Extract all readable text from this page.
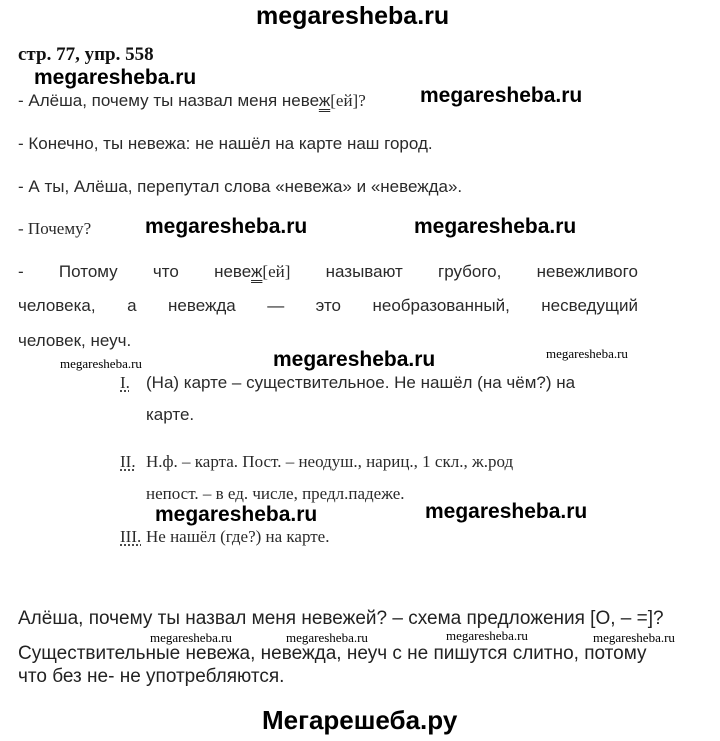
megaresheba.ru
стр. 77, упр. 558
megaresheba.ru
megaresheba.ru
- Алёша, почему ты назвал меня невеж[ей]?
- Конечно, ты невежа: не нашёл на карте наш город.
- А ты, Алёша, перепутал слова «невежа» и «невежда».
- Почему?	megaresheba.ru	megaresheba.ru
- Потому что невеж[ей] называют грубого, невежливого
человека, а невежда — это необразованный, несведущий
человек, неуч.
megaresheba.ru	megaresheba.ru	megaresheba.ru
I. (На) карте – существительное. Не нашёл (на чём?) на
карте.
II. Н.ф. – карта. Пост. – неодуш., нариц., 1 скл., ж.род
непост. – в ед. числе, предл.падеже.
megaresheba.ru	megaresheba.ru
III. Не нашёл (где?) на карте.
Алёша, почему ты назвал меня невежей? – схема предложения [О, – =]?
megaresheba.ru	megaresheba.ru	megaresheba.ru	megaresheba.ru
Существительные невежа, невежда, неуч с не пишутся слитно, потому
что без не- не употребляются.
Мегарешеба.ру
